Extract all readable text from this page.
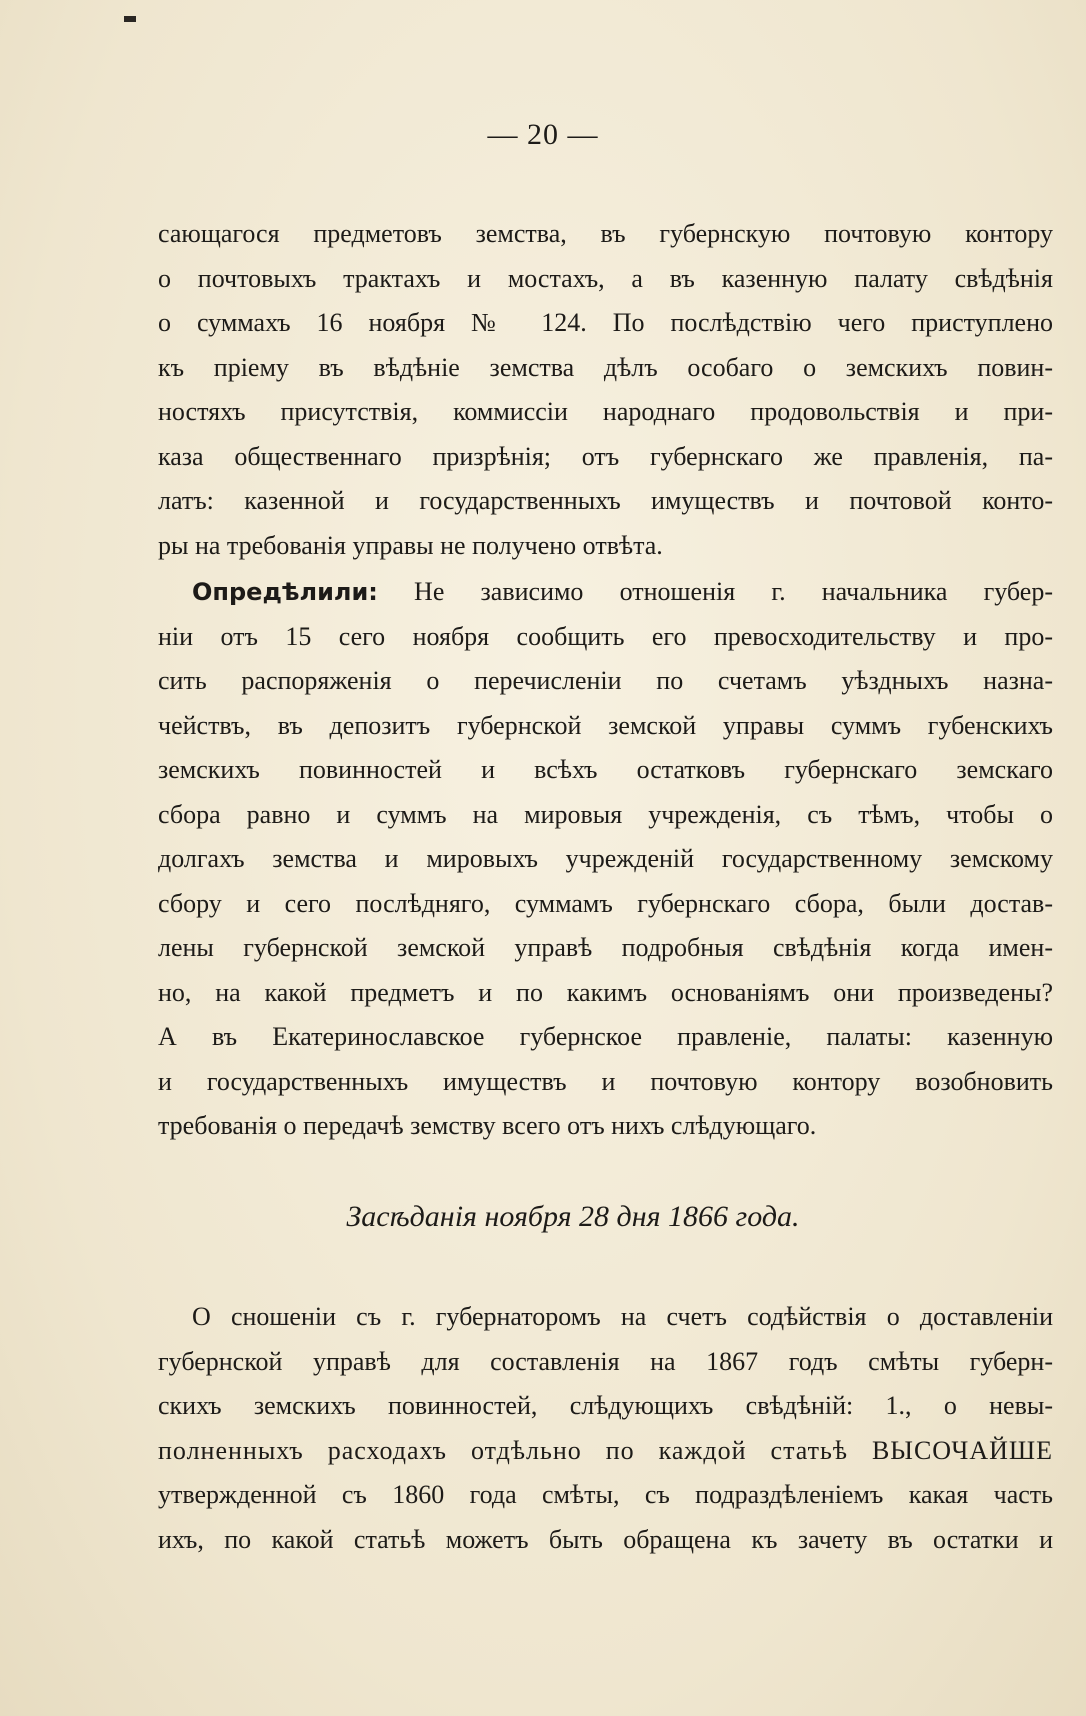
— 20 —
сающагося предметовъ земства, въ губернскую почтовую контору
о почтовыхъ трактахъ и мостахъ, а въ казенную палату свѣдѣнія
о суммахъ 16 ноября № 124. По послѣдствію чего приступлено
къ пріему въ вѣдѣніе земства дѣлъ особаго о земскихъ повин-
ностяхъ присутствія, коммиссіи народнаго продовольствія и при-
каза общественнаго призрѣнія; отъ губернскаго же правленія, па-
латъ: казенной и государственныхъ имуществъ и почтовой конто-
ры на требованія управы не получено отвѣта.
Опредѣлили: Не зависимо отношенія г. начальника губер-
ніи отъ 15 сего ноября сообщить его превосходительству и про-
сить распоряженія о перечисленіи по счетамъ уѣздныхъ назна-
чействъ, въ депозитъ губернской земской управы суммъ губенскихъ
земскихъ повинностей и всѣхъ остатковъ губернскаго земскаго
сбора равно и суммъ на мировыя учрежденія, съ тѣмъ, чтобы о
долгахъ земства и мировыхъ учрежденій государственному земскому
сбору и сего послѣдняго, суммамъ губернскаго сбора, были достав-
лены губернской земской управѣ подробныя свѣдѣнія когда имен-
но, на какой предметъ и по какимъ основаніямъ они произведены?
А въ Екатеринославское губернское правленіе, палаты: казенную
и государственныхъ имуществъ и почтовую контору возобновить
требованія о передачѣ земству всего отъ нихъ слѣдующаго.
Засѣданія ноября 28 дня 1866 года.
О сношеніи съ г. губернаторомъ на счетъ содѣйствія о доставленіи
губернской управѣ для составленія на 1867 годъ смѣты губерн-
скихъ земскихъ повинностей, слѣдующихъ свѣдѣній: 1., о невы-
полненныхъ расходахъ отдѣльно по каждой статьѣ ВЫСОЧАЙШЕ
утвержденной съ 1860 года смѣты, съ подраздѣленіемъ какая часть
ихъ, по какой статьѣ можетъ быть обращена къ зачету въ остатки и
